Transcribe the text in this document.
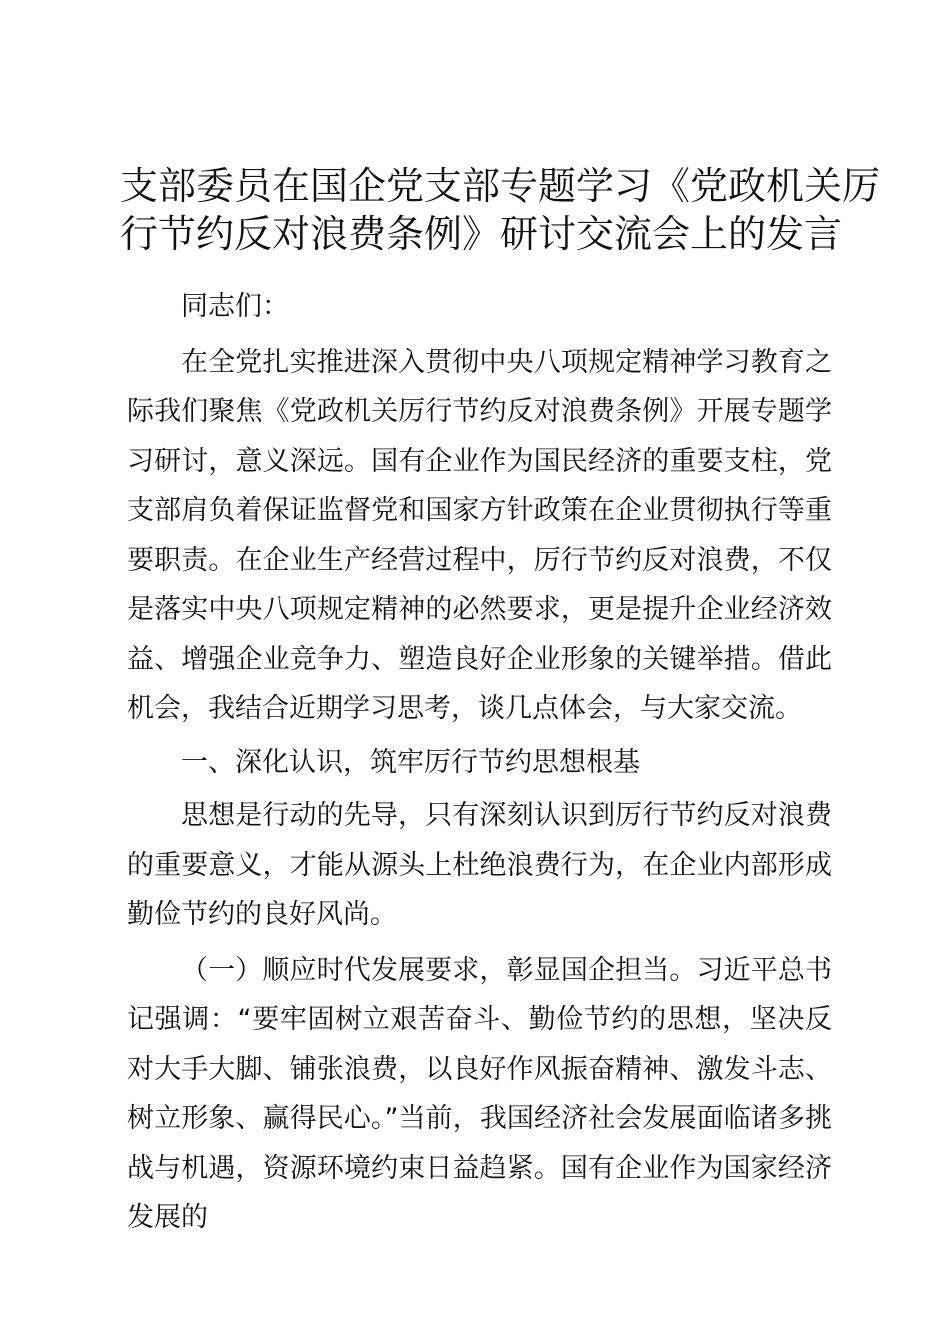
支部委员在国企党支部专题学习《党政机关厉
行节约反对浪费条例》研讨交流会上的发言

同志们：

在全党扎实推进深入贯彻中央八项规定精神学习教育之际我们聚焦《党政机关厉行节约反对浪费条例》开展专题学习研讨，意义深远。国有企业作为国民经济的重要支柱，党支部肩负着保证监督党和国家方针政策在企业贯彻执行等重要职责。在企业生产经营过程中，厉行节约反对浪费，不仅是落实中央八项规定精神的必然要求，更是提升企业经济效益、增强企业竞争力、塑造良好企业形象的关键举措。借此机会，我结合近期学习思考，谈几点体会，与大家交流。

一、深化认识，筑牢厉行节约思想根基

思想是行动的先导，只有深刻认识到厉行节约反对浪费的重要意义，才能从源头上杜绝浪费行为，在企业内部形成勤俭节约的良好风尚。

（一）顺应时代发展要求，彰显国企担当。习近平总书记强调：“要牢固树立艰苦奋斗、勤俭节约的思想，坚决反对大手大脚、铺张浪费，以良好作风振奋精神、激发斗志、树立形象、赢得民心。”当前，我国经济社会发展面临诸多挑战与机遇，资源环境约束日益趋紧。国有企业作为国家经济发展的
